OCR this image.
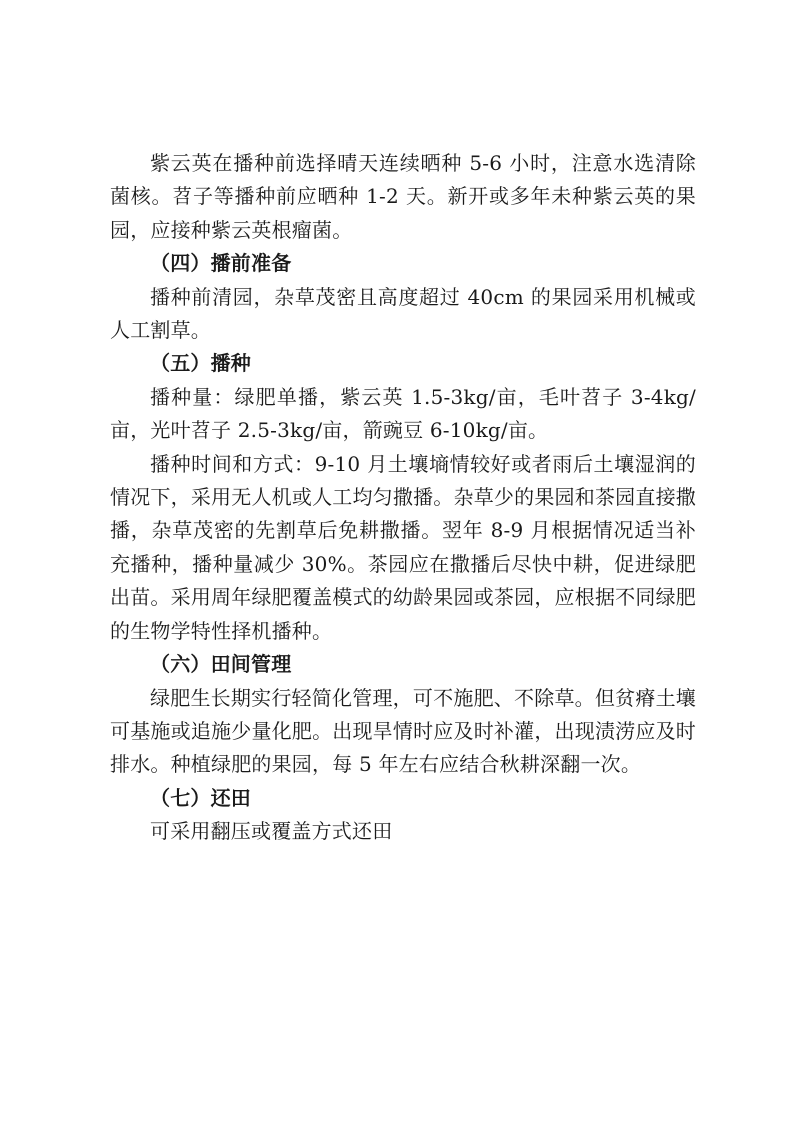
紫云英在播种前选择晴天连续晒种 5-6 小时，注意水选清除菌核。苕子等播种前应晒种 1-2 天。新开或多年未种紫云英的果园，应接种紫云英根瘤菌。

（四）播前准备

播种前清园，杂草茂密且高度超过 40cm 的果园采用机械或人工割草。

（五）播种

播种量：绿肥单播，紫云英 1.5-3kg/亩，毛叶苕子 3-4kg/亩，光叶苕子 2.5-3kg/亩，箭豌豆 6-10kg/亩。

播种时间和方式：9-10 月土壤墒情较好或者雨后土壤湿润的情况下，采用无人机或人工均匀撒播。杂草少的果园和茶园直接撒播，杂草茂密的先割草后免耕撒播。翌年 8-9 月根据情况适当补充播种，播种量减少 30%。茶园应在撒播后尽快中耕，促进绿肥出苗。采用周年绿肥覆盖模式的幼龄果园或茶园，应根据不同绿肥的生物学特性择机播种。

（六）田间管理

绿肥生长期实行轻简化管理，可不施肥、不除草。但贫瘠土壤可基施或追施少量化肥。出现旱情时应及时补灌，出现渍涝应及时排水。种植绿肥的果园，每 5 年左右应结合秋耕深翻一次。

（七）还田

可采用翻压或覆盖方式还田
